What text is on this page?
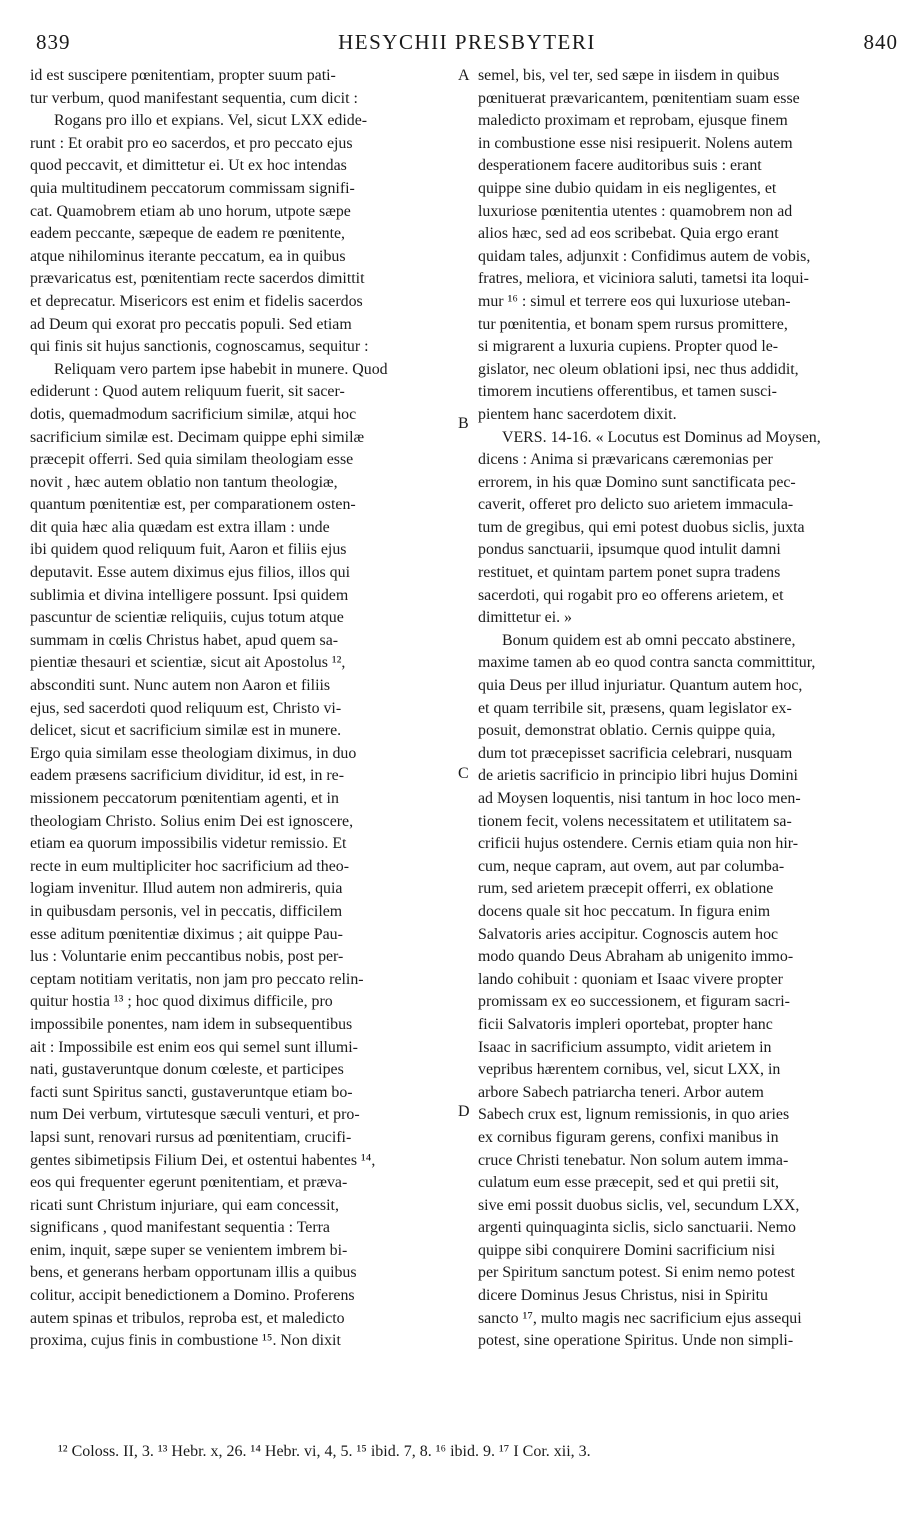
839	HESYCHII PRESBYTERI	840
id est suscipere pœnitentiam, propter suum pati-
tur verbum, quod manifestant sequentia, cum dicit :
Rogans pro illo et expians. Vel, sicut LXX edide-
runt : Et orabit pro eo sacerdos, et pro peccato ejus
quod peccavit, et dimittetur ei. Ut ex hoc intendas
quia multitudinem peccatorum commissam signifi-
cat. Quamobrem etiam ab uno horum, utpote sæpe
eadem peccante, sæpeque de eadem re pœnitente,
atque nihilominus iterante peccatum, ea in quibus
prævaricatus est, pœnitentiam recte sacerdos dimittit
et deprecatur. Misericors est enim et fidelis sacerdos
ad Deum qui exorat pro peccatis populi. Sed etiam
qui finis sit hujus sanctionis, cognoscamus, sequitur :
Reliquam vero partem ipse habebit in munere. Quod
ediderunt : Quod autem reliquum fuerit, sit sacer-
dotis, quemadmodum sacrificium similæ, atqui hoc
sacrificium similæ est. Decimam quippe ephi similæ
præcepit offerri. Sed quia similam theologiam esse
novit , hæc autem oblatio non tantum theologiæ,
quantum pœnitentiæ est, per comparationem osten-
dit quia hæc alia quædam est extra illam : unde
ibi quidem quod reliquum fuit, Aaron et filiis ejus
deputavit. Esse autem diximus ejus filios, illos qui
sublimia et divina intelligere possunt. Ipsi quidem
pascuntur de scientiæ reliquiis, cujus totum atque
summam in cœlis Christus habet, apud quem sa-
pientiæ thesauri et scientiæ, sicut ait Apostolus ¹²,
absconditi sunt. Nunc autem non Aaron et filiis
ejus, sed sacerdoti quod reliquum est, Christo vi-
delicet, sicut et sacrificium similæ est in munere.
Ergo quia similam esse theologiam diximus, in duo
eadem præsens sacrificium dividitur, id est, in re-
missionem peccatorum pœnitentiam agenti, et in
theologiam Christo. Solius enim Dei est ignoscere,
etiam ea quorum impossibilis videtur remissio. Et
recte in eum multipliciter hoc sacrificium ad theo-
logiam invenitur. Illud autem non admireris, quia
in quibusdam personis, vel in peccatis, difficilem
esse aditum pœnitentiæ diximus ; ait quippe Pau-
lus : Voluntarie enim peccantibus nobis, post per-
ceptam notitiam veritatis, non jam pro peccato relin-
quitur hostia ¹³ ; hoc quod diximus difficile, pro
impossibile ponentes, nam idem in subsequentibus
ait : Impossibile est enim eos qui semel sunt illumi-
nati, gustaveruntque donum cœleste, et participes
facti sunt Spiritus sancti, gustaveruntque etiam bo-
num Dei verbum, virtutesque sæculi venturi, et pro-
lapsi sunt, renovari rursus ad pœnitentiam, crucifi-
gentes sibimetipsis Filium Dei, et ostentui habentes ¹⁴,
eos qui frequenter egerunt pœnitentiam, et præva-
ricati sunt Christum injuriare, qui eam concessit,
significans , quod manifestant sequentia : Terra
enim, inquit, sæpe super se venientem imbrem bi-
bens, et generans herbam opportunam illis a quibus
colitur, accipit benedictionem a Domino. Proferens
autem spinas et tribulos, reproba est, et maledicto
proxima, cujus finis in combustione ¹⁵. Non dixit
semel, bis, vel ter, sed sæpe in iisdem in quibus
pœnituerat prævaricantem, pœnitentiam suam esse
maledicto proximam et reprobam, ejusque finem
in combustione esse nisi resipuerit. Nolens autem
desperationem facere auditoribus suis : erant
quippe sine dubio quidam in eis negligentes, et
luxuriose pœnitentia utentes : quamobrem non ad
alios hæc, sed ad eos scribebat. Quia ergo erant
quidam tales, adjunxit : Confidimus autem de vobis,
fratres, meliora, et viciniora saluti, tametsi ita loqui-
mur ¹⁶ : simul et terrere eos qui luxuriose uteban-
tur pœnitentia, et bonam spem rursus promittere,
si migrarent a luxuria cupiens. Propter quod le-
gislator, nec oleum oblationi ipsi, nec thus addidit,
timorem incutiens offerentibus, et tamen susci-
pientem hanc sacerdotem dixit.
VERS. 14-16. « Locutus est Dominus ad Moysen,
dicens : Anima si prævaricans cæremonias per
errorem, in his quæ Domino sunt sanctificata pec-
caverit, offeret pro delicto suo arietem immacula-
tum de gregibus, qui emi potest duobus siclis, juxta
pondus sanctuarii, ipsumque quod intulit damni
restituet, et quintam partem ponet supra tradens
sacerdoti, qui rogabit pro eo offerens arietem, et
dimittetur ei. »
Bonum quidem est ab omni peccato abstinere,
maxime tamen ab eo quod contra sancta committitur,
quia Deus per illud injuriatur. Quantum autem hoc,
et quam terribile sit, præsens, quam legislator ex-
posuit, demonstrat oblatio. Cernis quippe quia,
dum tot præcepisset sacrificia celebrari, nusquam
de arietis sacrificio in principio libri hujus Domini
ad Moysen loquentis, nisi tantum in hoc loco men-
tionem fecit, volens necessitatem et utilitatem sa-
crificii hujus ostendere. Cernis etiam quia non hir-
cum, neque capram, aut ovem, aut par columba-
rum, sed arietem præcepit offerri, ex oblatione
docens quale sit hoc peccatum. In figura enim
Salvatoris aries accipitur. Cognoscis autem hoc
modo quando Deus Abraham ab unigenito immo-
lando cohibuit : quoniam et Isaac vivere propter
promissam ex eo successionem, et figuram sacri-
ficii Salvatoris impleri oportebat, propter hanc
Isaac in sacrificium assumpto, vidit arietem in
vepribus hærentem cornibus, vel, sicut LXX, in
arbore Sabech patriarcha teneri. Arbor autem
Sabech crux est, lignum remissionis, in quo aries
ex cornibus figuram gerens, confixi manibus in
cruce Christi tenebatur. Non solum autem imma-
culatum eum esse præcepit, sed et qui pretii sit,
sive emi possit duobus siclis, vel, secundum LXX,
argenti quinquaginta siclis, siclo sanctuarii. Nemo
quippe sibi conquirere Domini sacrificium nisi
per Spiritum sanctum potest. Si enim nemo potest
dicere Dominus Jesus Christus, nisi in Spiritu
sancto ¹⁷, multo magis nec sacrificium ejus assequi
potest, sine operatione Spiritus. Unde non simpli-
A
B
C
D
¹² Coloss. II, 3. ¹³ Hebr. x, 26. ¹⁴ Hebr. vi, 4, 5. ¹⁵ ibid. 7, 8. ¹⁶ ibid. 9. ¹⁷ I Cor. xii, 3.
